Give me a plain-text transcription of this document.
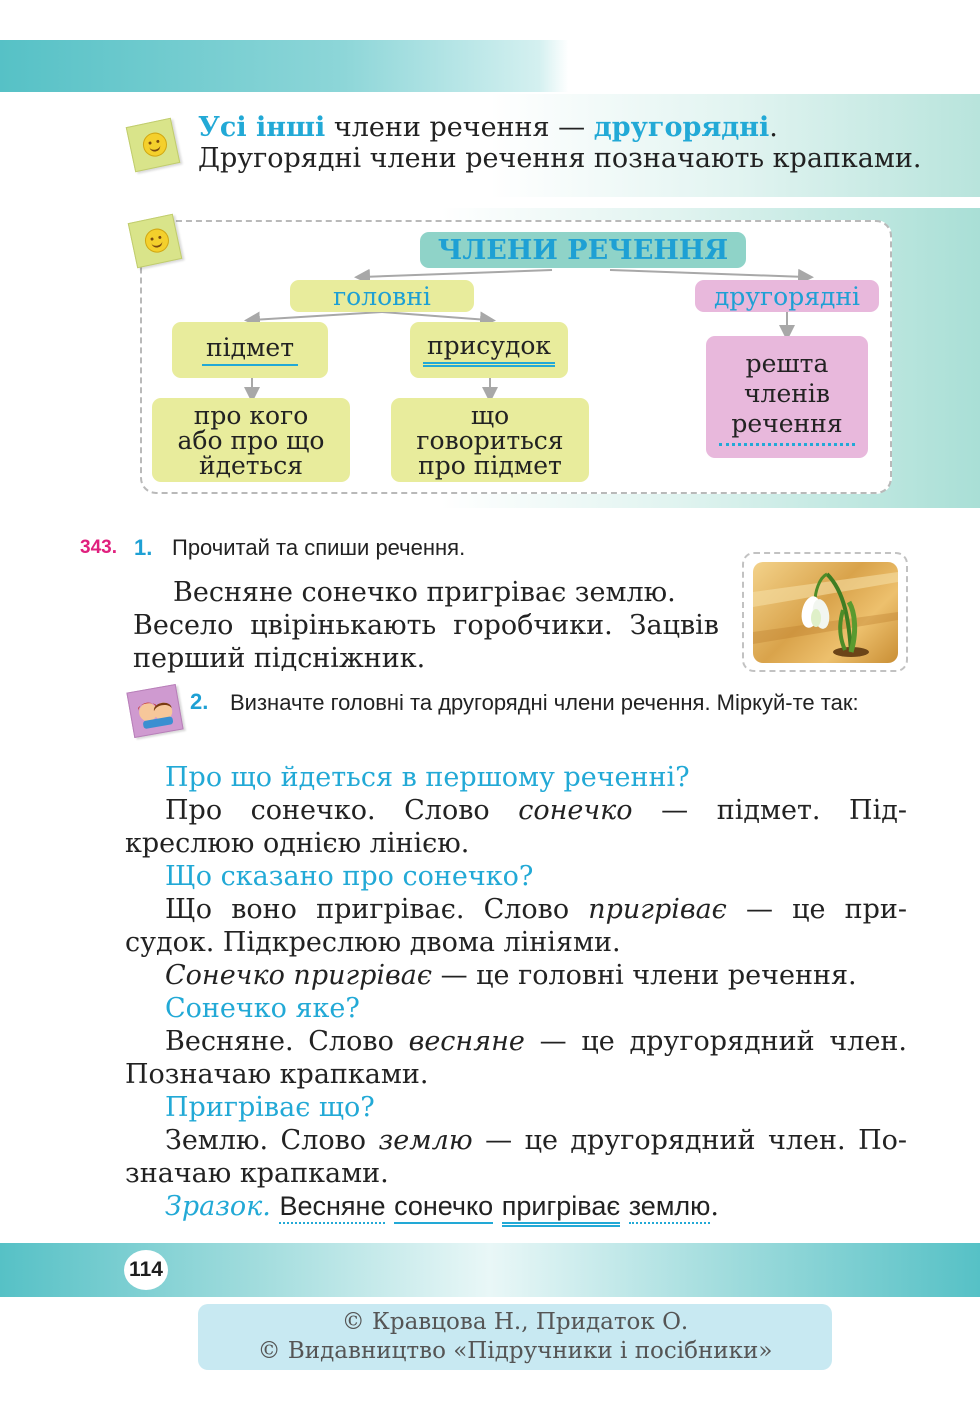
Усі інші члени речення — другорядні.
Другорядні члени речення позначають крапками.
ЧЛЕНИ РЕЧЕННЯ
головні	другорядні
підмет	присудок
про кого
або про що
йдеться
що
говориться
про підмет
решта
членів
речення
343. 1. Прочитай та спиши речення.

Весняне сонечко пригріває землю.

Весело цвірінькають горобчики. Зацвів

перший підсніжник.

2. Визначте головні та другорядні члени речення. Міркуй-те так:

Про що йдеться в першому реченні?

Про сонечко. Слово сонечко — підмет. Під-

креслюю однією лінією.

Що сказано про сонечко?

Що воно пригріває. Слово пригріває — це при-

судок. Підкреслюю двома лініями.

Сонечко пригріває — це головні члени речення.

Сонечко яке?

Весняне. Слово весняне — це другорядний член.

Позначаю крапками.

Пригріває що?

Землю. Слово землю — це другорядний член. По-

значаю крапками.

Зразок. Весняне сонечко пригріває землю.

114
© Кравцова Н., Придаток О.
© Видавництво «Підручники і посібники»
